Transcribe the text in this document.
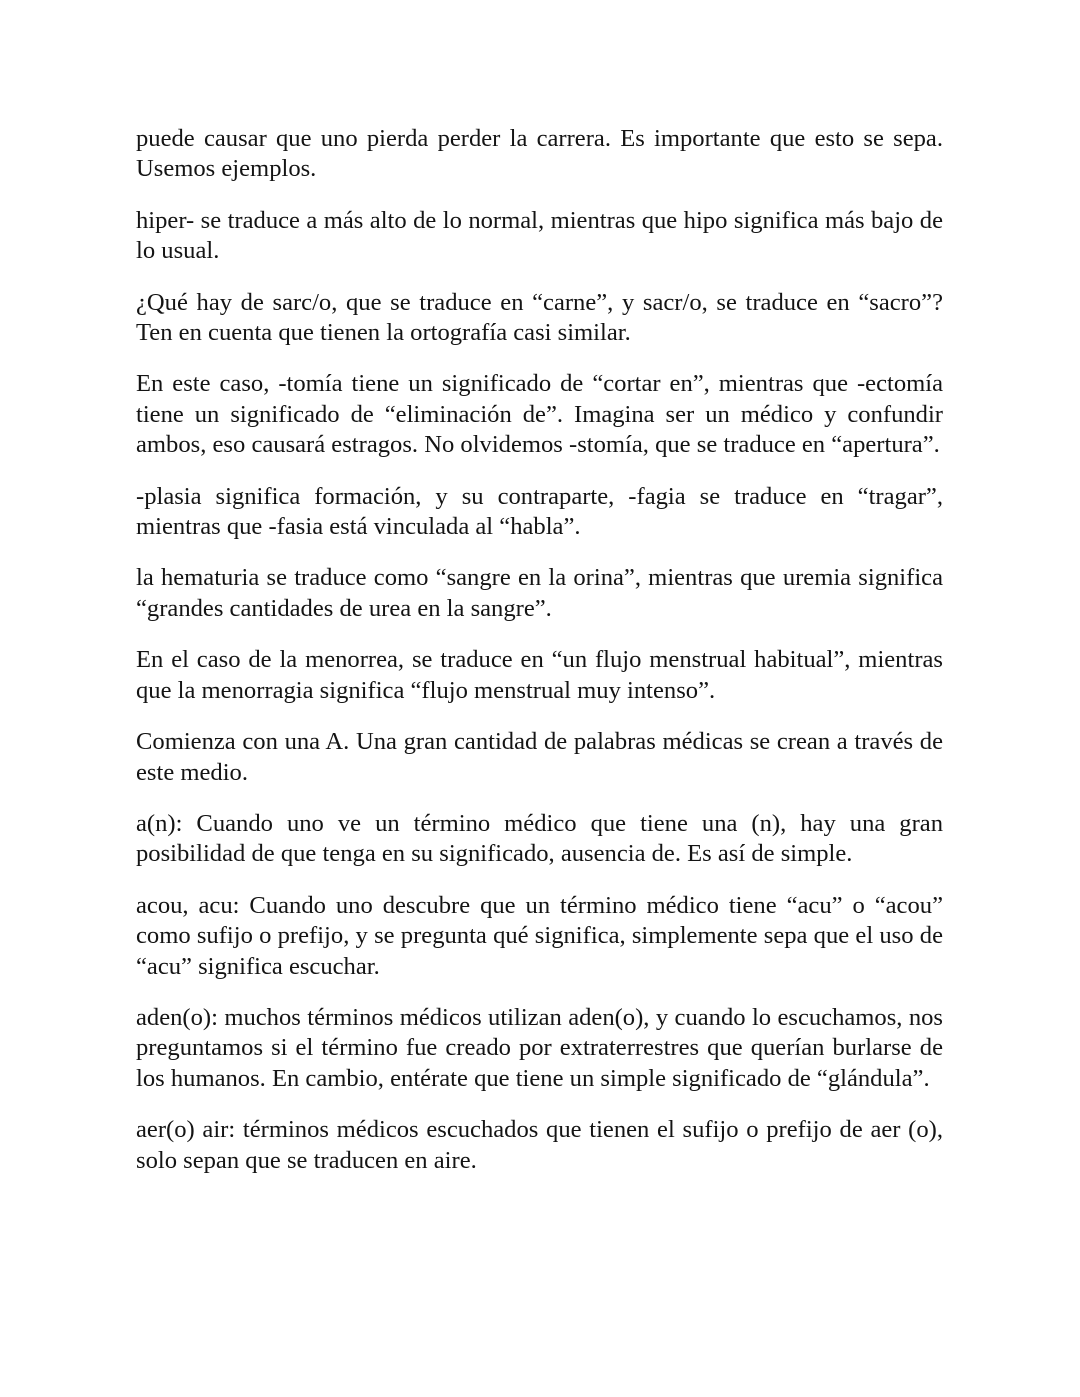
puede causar que uno pierda perder la carrera. Es importante que esto se sepa. Usemos ejemplos.

hiper- se traduce a más alto de lo normal, mientras que hipo significa más bajo de lo usual.

¿Qué hay de sarc/o, que se traduce en “carne”, y sacr/o, se traduce en “sacro”? Ten en cuenta que tienen la ortografía casi similar.

En este caso, -tomía tiene un significado de “cortar en”, mientras que -ectomía tiene un significado de “eliminación de”. Imagina ser un médico y confundir ambos, eso causará estragos. No olvidemos -stomía, que se traduce en “apertura”.

-plasia significa formación, y su contraparte, -fagia se traduce en “tragar”, mientras que -fasia está vinculada al “habla”.

la hematuria se traduce como “sangre en la orina”, mientras que uremia significa “grandes cantidades de urea en la sangre”.

En el caso de la menorrea, se traduce en “un flujo menstrual habitual”, mientras que la menorragia significa “flujo menstrual muy intenso”.

Comienza con una A. Una gran cantidad de palabras médicas se crean a través de este medio.

a(n): Cuando uno ve un término médico que tiene una (n), hay una gran posibilidad de que tenga en su significado, ausencia de. Es así de simple.

acou, acu: Cuando uno descubre que un término médico tiene “acu” o “acou” como sufijo o prefijo, y se pregunta qué significa, simplemente sepa que el uso de “acu” significa escuchar.

aden(o): muchos términos médicos utilizan aden(o), y cuando lo escuchamos, nos preguntamos si el término fue creado por extraterrestres que querían burlarse de los humanos. En cambio, entérate que tiene un simple significado de “glándula”.

aer(o) air: términos médicos escuchados que tienen el sufijo o prefijo de aer (o), solo sepan que se traducen en aire.
